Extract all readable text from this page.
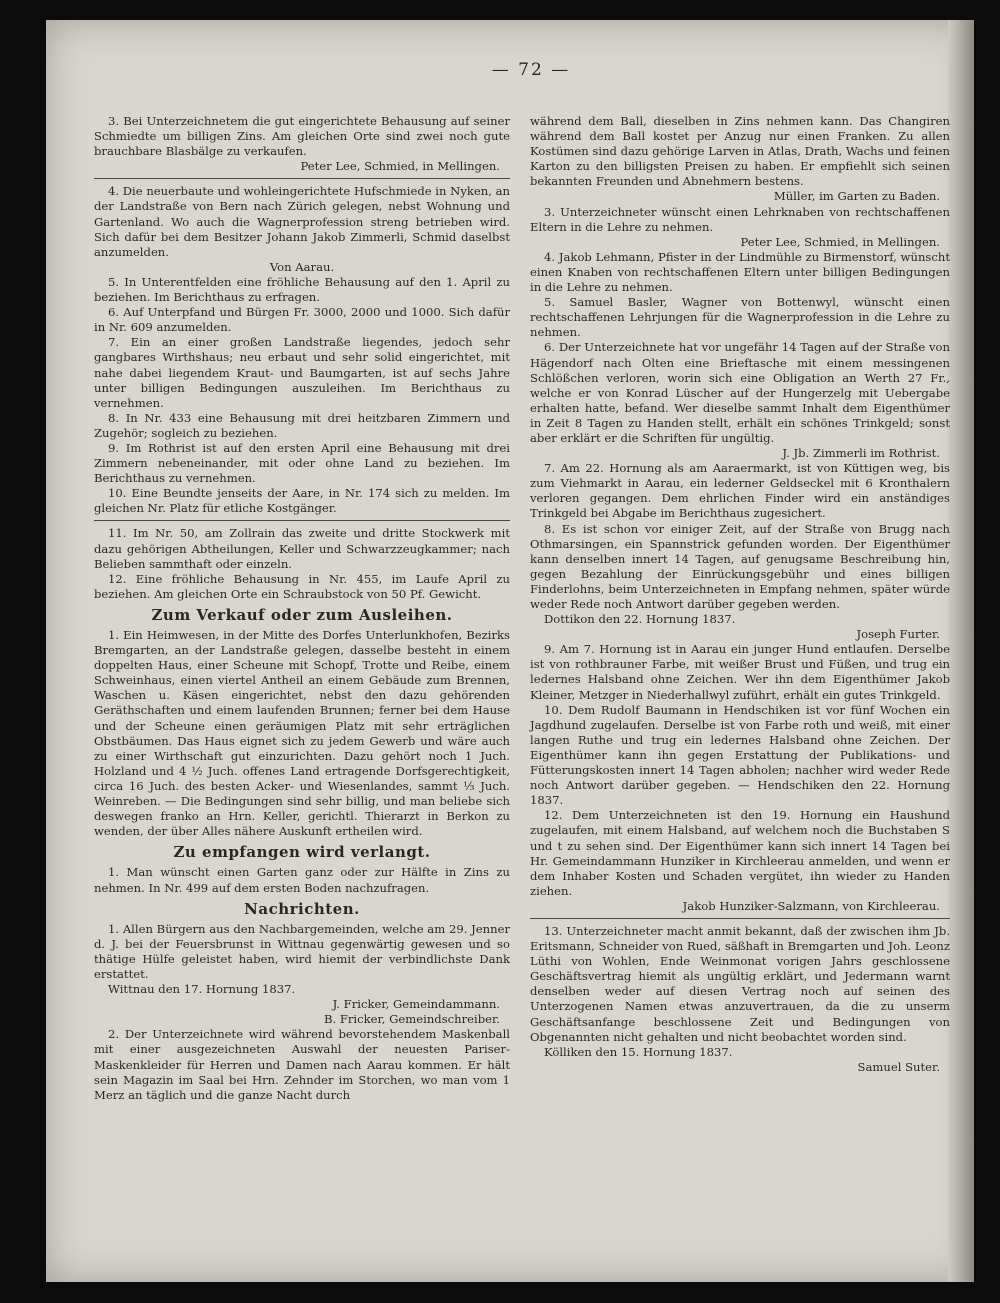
— 72 —

3. Bei Unterzeichnetem die gut eingerichtete Behausung auf seiner Schmiedte um billigen Zins. Am gleichen Orte sind zwei noch gute brauchbare Blasbälge zu verkaufen.

Peter Lee, Schmied, in Mellingen.

4. Die neuerbaute und wohleingerichtete Hufschmiede in Nyken, an der Landstraße von Bern nach Zürich gelegen, nebst Wohnung und Gartenland. Wo auch die Wagnerprofession streng betrieben wird. Sich dafür bei dem Besitzer Johann Jakob Zimmerli, Schmid daselbst anzumelden.

Von Aarau.

5. In Unterentfelden eine fröhliche Behausung auf den 1. April zu beziehen. Im Berichthaus zu erfragen.

6. Auf Unterpfand und Bürgen Fr. 3000, 2000 und 1000. Sich dafür in Nr. 609 anzumelden.

7. Ein an einer großen Landstraße liegendes, jedoch sehr gangbares Wirthshaus; neu erbaut und sehr solid eingerichtet, mit nahe dabei liegendem Kraut- und Baumgarten, ist auf sechs Jahre unter billigen Bedingungen auszuleihen. Im Berichthaus zu vernehmen.

8. In Nr. 433 eine Behausung mit drei heitzbaren Zimmern und Zugehör; sogleich zu beziehen.

9. Im Rothrist ist auf den ersten April eine Behausung mit drei Zimmern nebeneinander, mit oder ohne Land zu beziehen. Im Berichthaus zu vernehmen.

10. Eine Beundte jenseits der Aare, in Nr. 174 sich zu melden. Im gleichen Nr. Platz für etliche Kostgänger.

11. Im Nr. 50, am Zollrain das zweite und dritte Stockwerk mit dazu gehörigen Abtheilungen, Keller und Schwarzzeugkammer; nach Belieben sammthaft oder einzeln.

12. Eine fröhliche Behausung in Nr. 455, im Laufe April zu beziehen. Am gleichen Orte ein Schraubstock von 50 Pf. Gewicht.

Zum Verkauf oder zum Ausleihen.

1. Ein Heimwesen, in der Mitte des Dorfes Unterlunkhofen, Bezirks Bremgarten, an der Landstraße gelegen, dasselbe besteht in einem doppelten Haus, einer Scheune mit Schopf, Trotte und Reibe, einem Schweinhaus, einen viertel Antheil an einem Gebäude zum Brennen, Waschen u. Käsen eingerichtet, nebst den dazu gehörenden Geräthschaften und einem laufenden Brunnen; ferner bei dem Hause und der Scheune einen geräumigen Platz mit sehr erträglichen Obstbäumen. Das Haus eignet sich zu jedem Gewerb und wäre auch zu einer Wirthschaft gut einzurichten. Dazu gehört noch 1 Juch. Holzland und 4 ½ Juch. offenes Land ertragende Dorfsgerechtigkeit, circa 16 Juch. des besten Acker- und Wiesenlandes, sammt ⅓ Juch. Weinreben. — Die Bedingungen sind sehr billig, und man beliebe sich deswegen franko an Hrn. Keller, gerichtl. Thierarzt in Berkon zu wenden, der über Alles nähere Auskunft ertheilen wird.

Zu empfangen wird verlangt.

1. Man wünscht einen Garten ganz oder zur Hälfte in Zins zu nehmen. In Nr. 499 auf dem ersten Boden nachzufragen.

Nachrichten.

1. Allen Bürgern aus den Nachbargemeinden, welche am 29. Jenner d. J. bei der Feuersbrunst in Wittnau gegenwärtig gewesen und so thätige Hülfe geleistet haben, wird hiemit der verbindlichste Dank erstattet.

Wittnau den 17. Hornung 1837.

J. Fricker, Gemeindammann.

B. Fricker, Gemeindschreiber.

2. Der Unterzeichnete wird während bevorstehendem Maskenball mit einer ausgezeichneten Auswahl der neuesten Pariser-Maskenkleider für Herren und Damen nach Aarau kommen. Er hält sein Magazin im Saal bei Hrn. Zehnder im Storchen, wo man vom 1 Merz an täglich und die ganze Nacht durch

während dem Ball, dieselben in Zins nehmen kann. Das Changiren während dem Ball kostet per Anzug nur einen Franken. Zu allen Kostümen sind dazu gehörige Larven in Atlas, Drath, Wachs und feinen Karton zu den billigsten Preisen zu haben. Er empfiehlt sich seinen bekannten Freunden und Abnehmern bestens.

Müller, im Garten zu Baden.

3. Unterzeichneter wünscht einen Lehrknaben von rechtschaffenen Eltern in die Lehre zu nehmen.

Peter Lee, Schmied, in Mellingen.

4. Jakob Lehmann, Pfister in der Lindmühle zu Birmenstorf, wünscht einen Knaben von rechtschaffenen Eltern unter billigen Bedingungen in die Lehre zu nehmen.

5. Samuel Basler, Wagner von Bottenwyl, wünscht einen rechtschaffenen Lehrjungen für die Wagnerprofession in die Lehre zu nehmen.

6. Der Unterzeichnete hat vor ungefähr 14 Tagen auf der Straße von Hägendorf nach Olten eine Brieftasche mit einem messingenen Schlößchen verloren, worin sich eine Obligation an Werth 27 Fr., welche er von Konrad Lüscher auf der Hungerzelg mit Uebergabe erhalten hatte, befand. Wer dieselbe sammt Inhalt dem Eigenthümer in Zeit 8 Tagen zu Handen stellt, erhält ein schönes Trinkgeld; sonst aber erklärt er die Schriften für ungültig.

J. Jb. Zimmerli im Rothrist.

7. Am 22. Hornung als am Aaraermarkt, ist von Küttigen weg, bis zum Viehmarkt in Aarau, ein lederner Geldseckel mit 6 Kronthalern verloren gegangen. Dem ehrlichen Finder wird ein anständiges Trinkgeld bei Abgabe im Berichthaus zugesichert.

8. Es ist schon vor einiger Zeit, auf der Straße von Brugg nach Othmarsingen, ein Spannstrick gefunden worden. Der Eigenthümer kann denselben innert 14 Tagen, auf genugsame Beschreibung hin, gegen Bezahlung der Einrückungsgebühr und eines billigen Finderlohns, beim Unterzeichneten in Empfang nehmen, später würde weder Rede noch Antwort darüber gegeben werden.

Dottikon den 22. Hornung 1837.

Joseph Furter.

9. Am 7. Hornung ist in Aarau ein junger Hund entlaufen. Derselbe ist von rothbrauner Farbe, mit weißer Brust und Füßen, und trug ein ledernes Halsband ohne Zeichen. Wer ihn dem Eigenthümer Jakob Kleiner, Metzger in Niederhallwyl zuführt, erhält ein gutes Trinkgeld.

10. Dem Rudolf Baumann in Hendschiken ist vor fünf Wochen ein Jagdhund zugelaufen. Derselbe ist von Farbe roth und weiß, mit einer langen Ruthe und trug ein ledernes Halsband ohne Zeichen. Der Eigenthümer kann ihn gegen Erstattung der Publikations- und Fütterungskosten innert 14 Tagen abholen; nachher wird weder Rede noch Antwort darüber gegeben. — Hendschiken den 22. Hornung 1837.

12. Dem Unterzeichneten ist den 19. Hornung ein Haushund zugelaufen, mit einem Halsband, auf welchem noch die Buchstaben S und t zu sehen sind. Der Eigenthümer kann sich innert 14 Tagen bei Hr. Gemeindammann Hunziker in Kirchleerau anmelden, und wenn er dem Inhaber Kosten und Schaden vergütet, ihn wieder zu Handen ziehen.

Jakob Hunziker-Salzmann, von Kirchleerau.

13. Unterzeichneter macht anmit bekannt, daß der zwischen ihm Jb. Eritsmann, Schneider von Rued, säßhaft in Bremgarten und Joh. Leonz Lüthi von Wohlen, Ende Weinmonat vorigen Jahrs geschlossene Geschäftsvertrag hiemit als ungültig erklärt, und Jedermann warnt denselben weder auf diesen Vertrag noch auf seinen des Unterzogenen Namen etwas anzuvertrauen, da die zu unserm Geschäftsanfange beschlossene Zeit und Bedingungen von Obgenannten nicht gehalten und nicht beobachtet worden sind.

Kölliken den 15. Hornung 1837.

Samuel Suter.
